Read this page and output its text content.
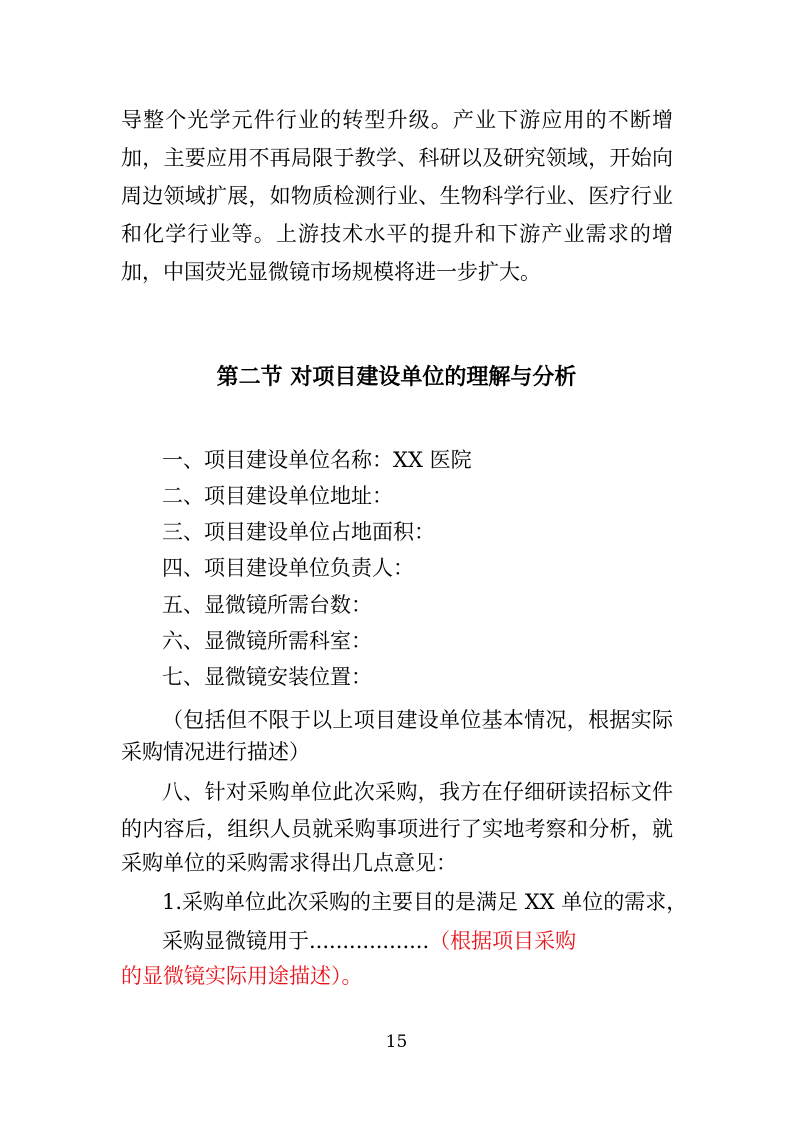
导整个光学元件行业的转型升级。产业下游应用的不断增
加，主要应用不再局限于教学、科研以及研究领域，开始向
周边领域扩展，如物质检测行业、生物科学行业、医疗行业
和化学行业等。上游技术水平的提升和下游产业需求的增
加，中国荧光显微镜市场规模将进一步扩大。
第二节 对项目建设单位的理解与分析
一、项目建设单位名称：XX 医院
二、项目建设单位地址：
三、项目建设单位占地面积：
四、项目建设单位负责人：
五、显微镜所需台数：
六、显微镜所需科室：
七、显微镜安装位置：
（包括但不限于以上项目建设单位基本情况，根据实际
采购情况进行描述）
八、针对采购单位此次采购，我方在仔细研读招标文件
的内容后，组织人员就采购事项进行了实地考察和分析，就
采购单位的采购需求得出几点意见：
1.采购单位此次采购的主要目的是满足 XX 单位的需求，
采购显微镜用于..................（根据项目采购
的显微镜实际用途描述）。
15
